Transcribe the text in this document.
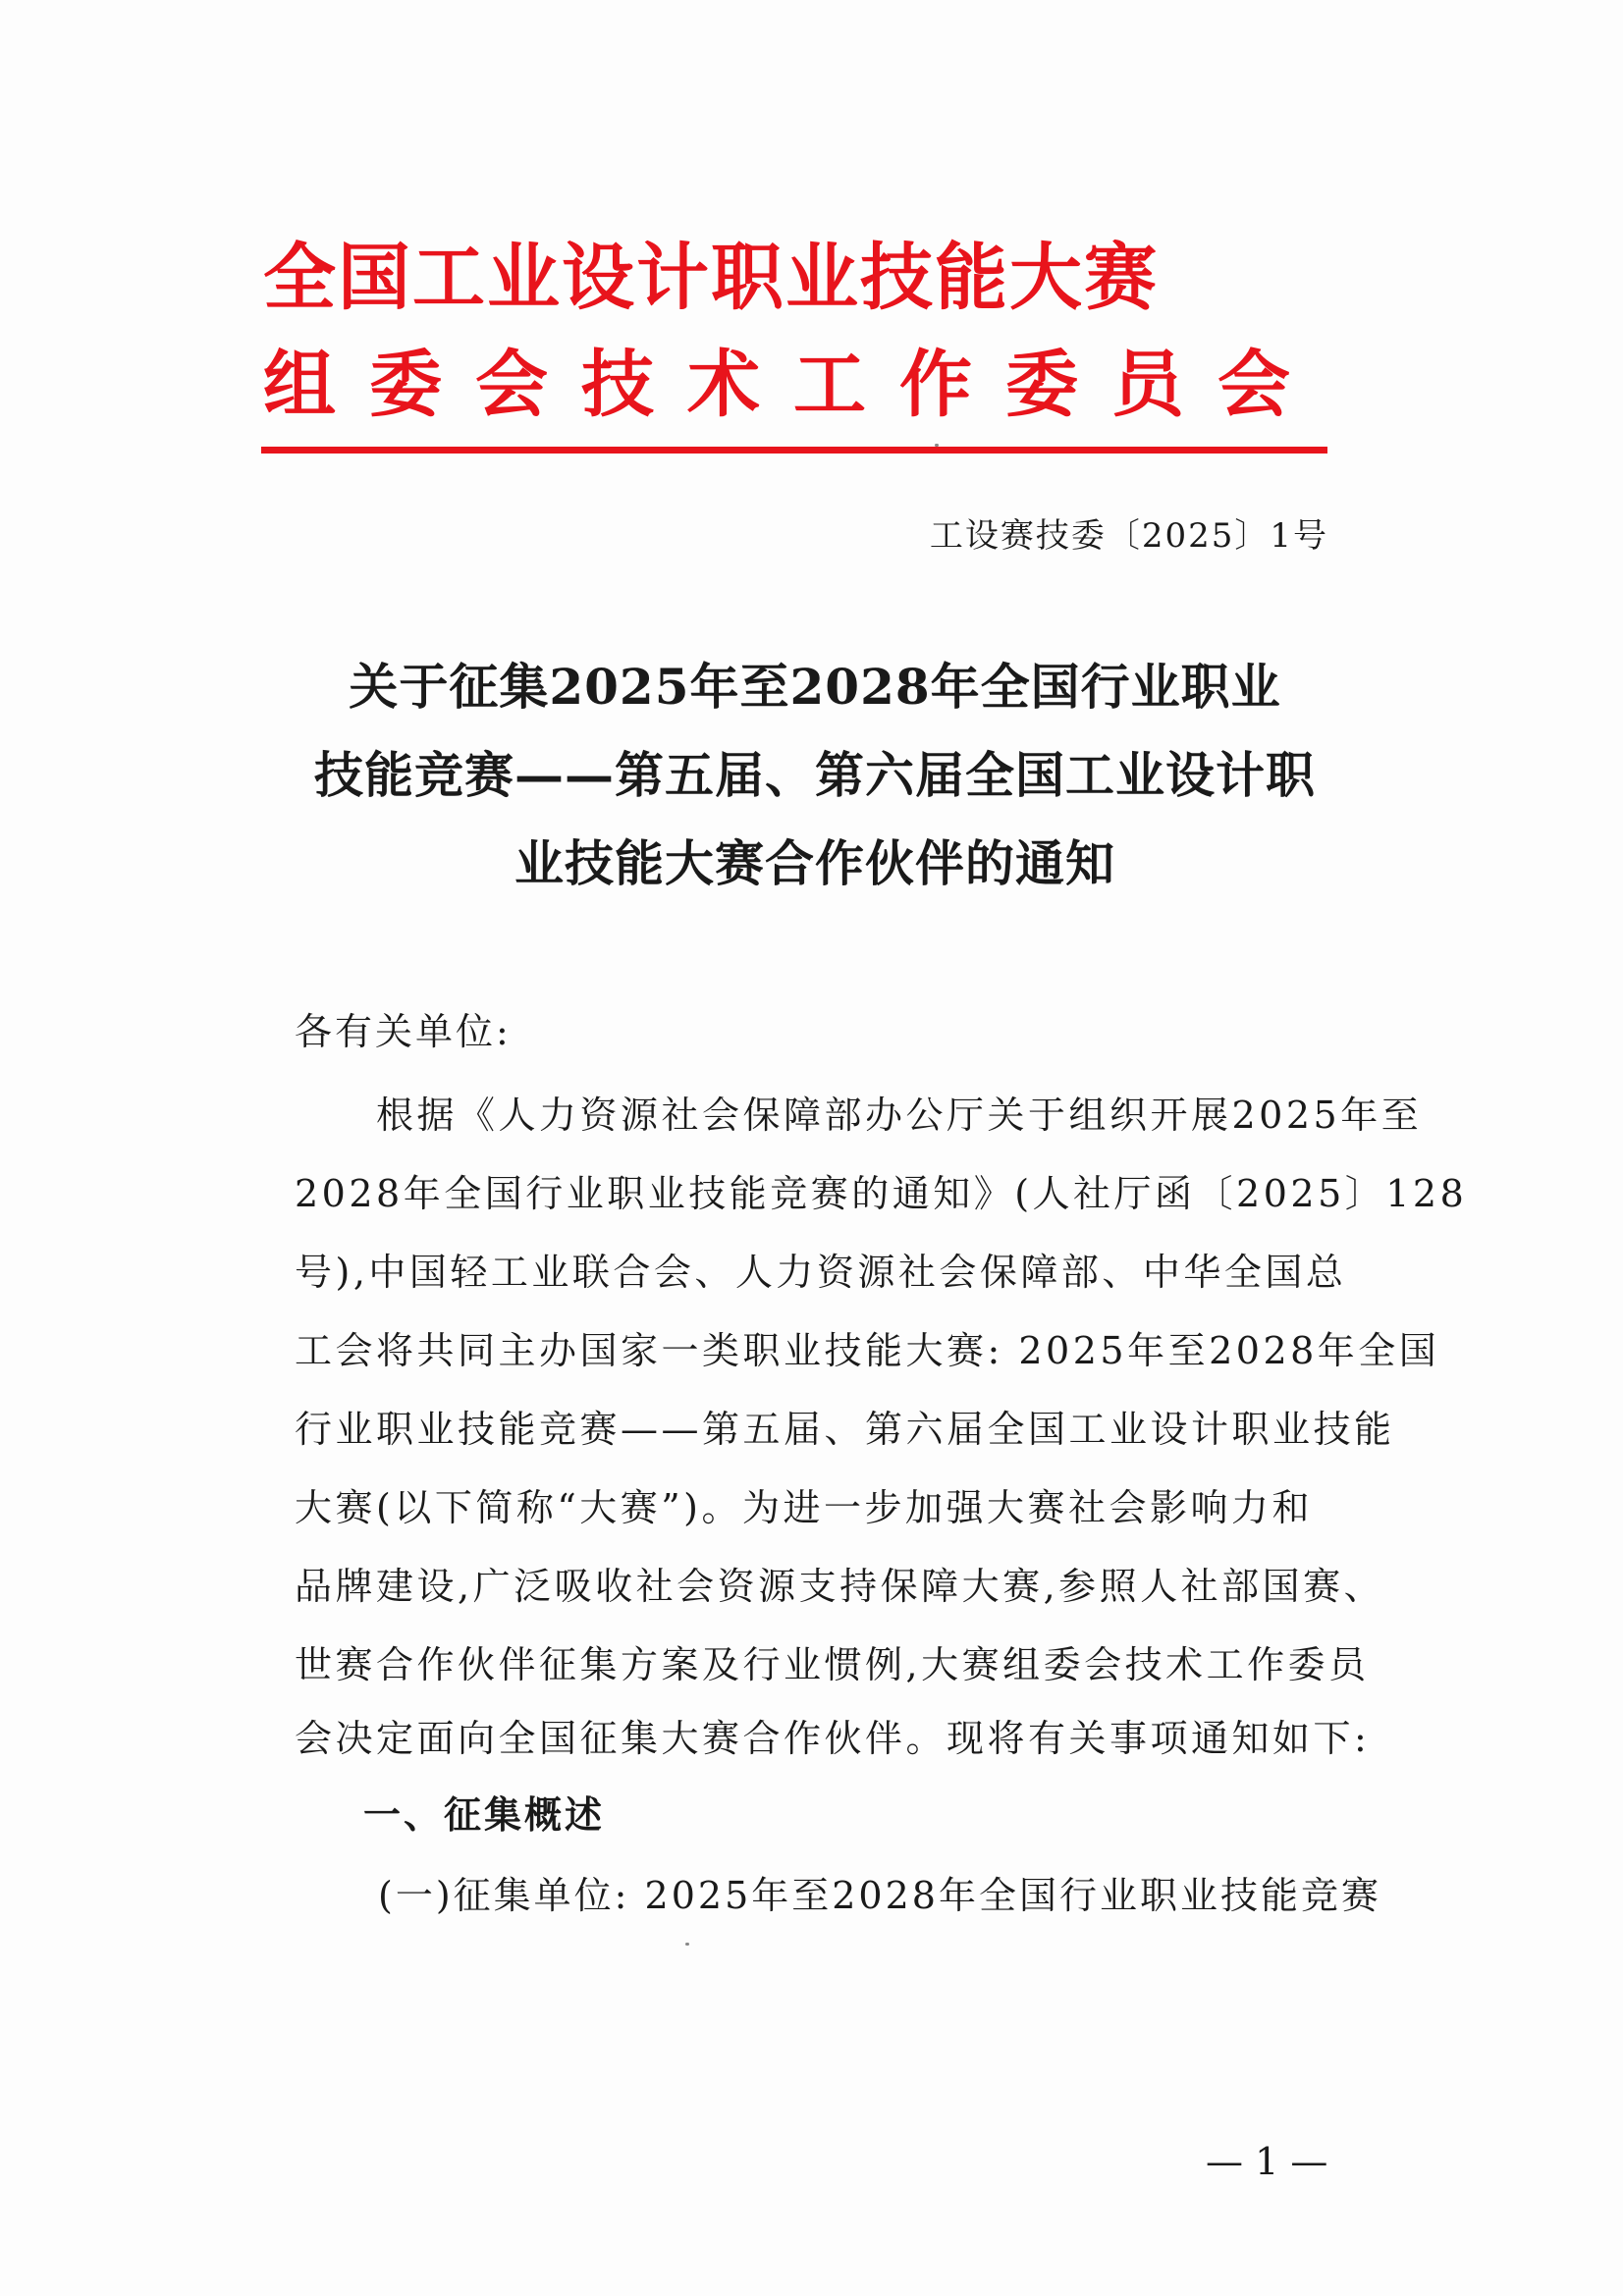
全国工业设计职业技能大赛
组委会技术工作委员会
工设赛技委〔2025〕1号
关于征集2025年至2028年全国行业职业
技能竞赛——第五届、第六届全国工业设计职
业技能大赛合作伙伴的通知
各有关单位:
　　根据《人力资源社会保障部办公厅关于组织开展2025年至
2028年全国行业职业技能竞赛的通知》(人社厅函〔2025〕128
号),中国轻工业联合会、人力资源社会保障部、中华全国总
工会将共同主办国家一类职业技能大赛: 2025年至2028年全国
行业职业技能竞赛——第五届、第六届全国工业设计职业技能
大赛(以下简称“大赛”)。为进一步加强大赛社会影响力和
品牌建设,广泛吸收社会资源支持保障大赛,参照人社部国赛、
世赛合作伙伴征集方案及行业惯例,大赛组委会技术工作委员
会决定面向全国征集大赛合作伙伴。现将有关事项通知如下:
一、征集概述
(一)征集单位: 2025年至2028年全国行业职业技能竞赛
— 1 —
